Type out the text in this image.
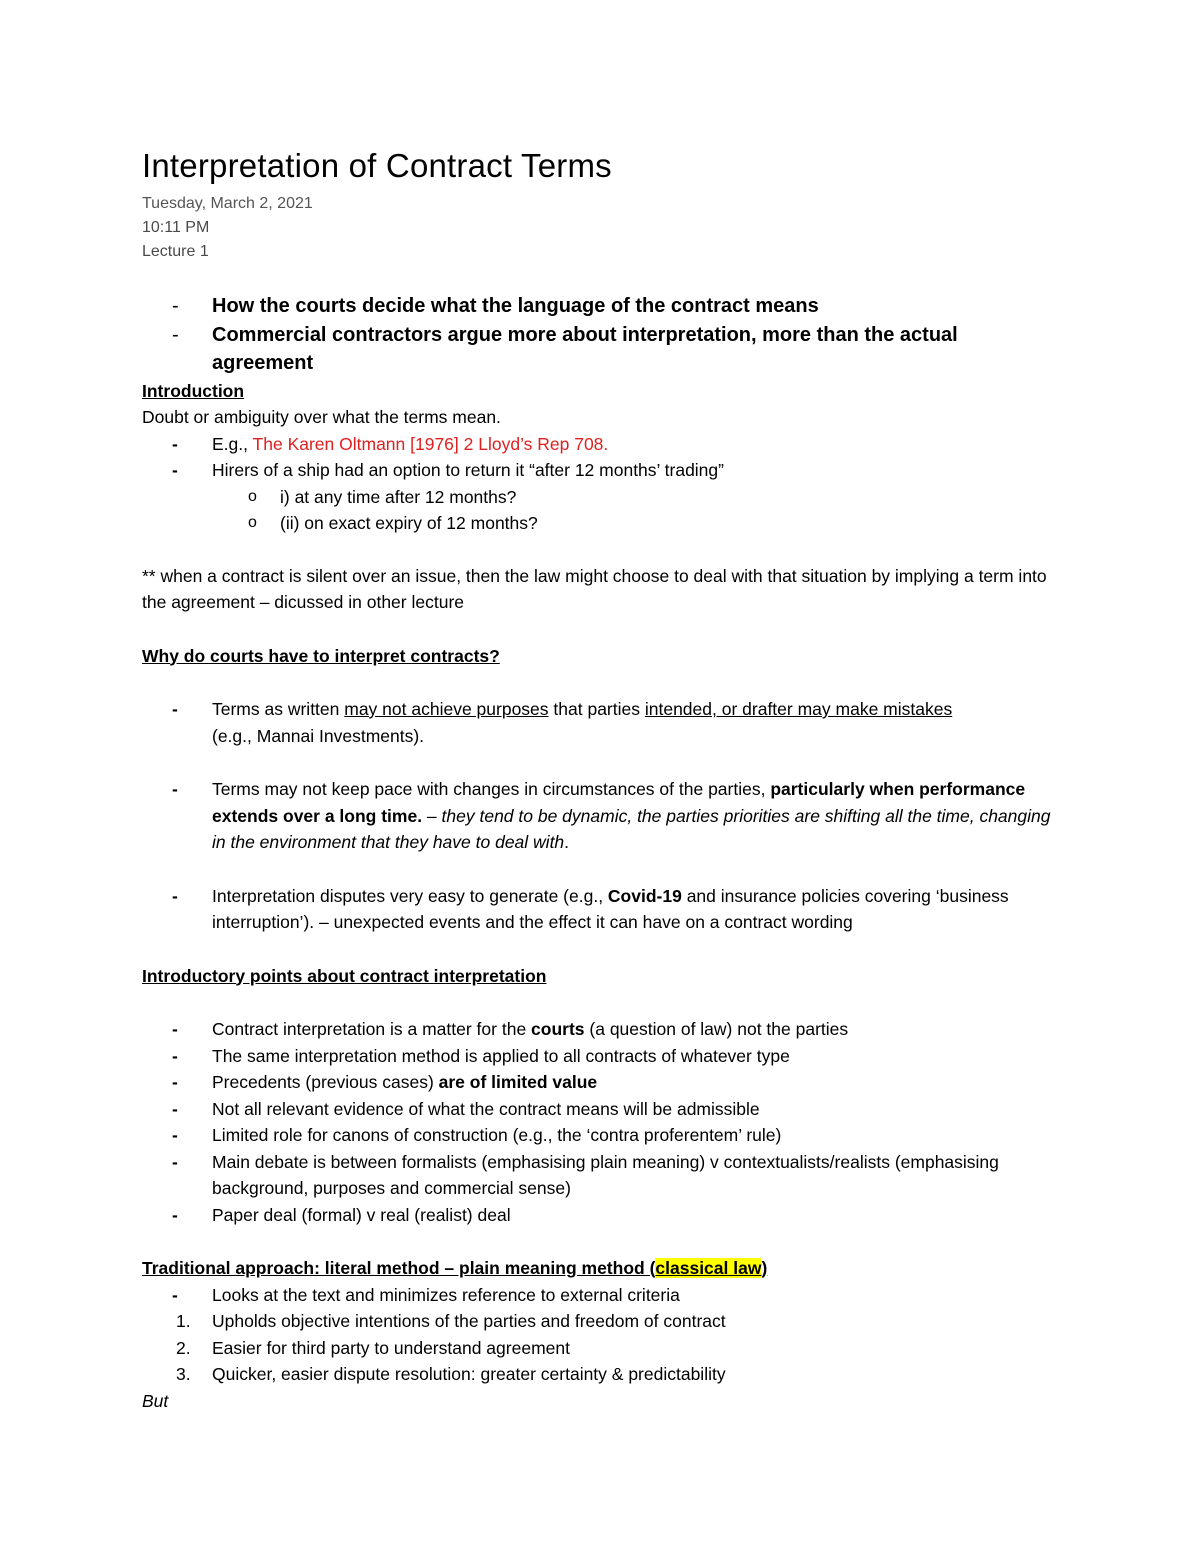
Interpretation of Contract Terms
Tuesday, March 2, 2021
10:11 PM
Lecture 1
- How the courts decide what the language of the contract means
- Commercial contractors argue more about interpretation, more than the actual agreement
Introduction
Doubt or ambiguity over what the terms mean.
- E.g., The Karen Oltmann [1976] 2 Lloyd’s Rep 708.
- Hirers of a ship had an option to return it “after 12 months’ trading”
o i) at any time after 12 months?
o (ii) on exact expiry of 12 months?
** when a contract is silent over an issue, then the law might choose to deal with that situation by implying a term into the agreement – dicussed in other lecture
Why do courts have to interpret contracts?
- Terms as written may not achieve purposes that parties intended, or drafter may make mistakes
(e.g., Mannai Investments).
- Terms may not keep pace with changes in circumstances of the parties, particularly when performance extends over a long time. – they tend to be dynamic, the parties priorities are shifting all the time, changing in the environment that they have to deal with.
- Interpretation disputes very easy to generate (e.g., Covid-19 and insurance policies covering ‘business interruption’). – unexpected events and the effect it can have on a contract wording
Introductory points about contract interpretation
- Contract interpretation is a matter for the courts (a question of law) not the parties
- The same interpretation method is applied to all contracts of whatever type
- Precedents (previous cases) are of limited value
- Not all relevant evidence of what the contract means will be admissible
- Limited role for canons of construction (e.g., the ‘contra proferentem’ rule)
- Main debate is between formalists (emphasising plain meaning) v contextualists/realists (emphasising background, purposes and commercial sense)
- Paper deal (formal) v real (realist) deal
Traditional approach: literal method – plain meaning method (classical law)
- Looks at the text and minimizes reference to external criteria
1. Upholds objective intentions of the parties and freedom of contract
2. Easier for third party to understand agreement
3. Quicker, easier dispute resolution: greater certainty & predictability
But
